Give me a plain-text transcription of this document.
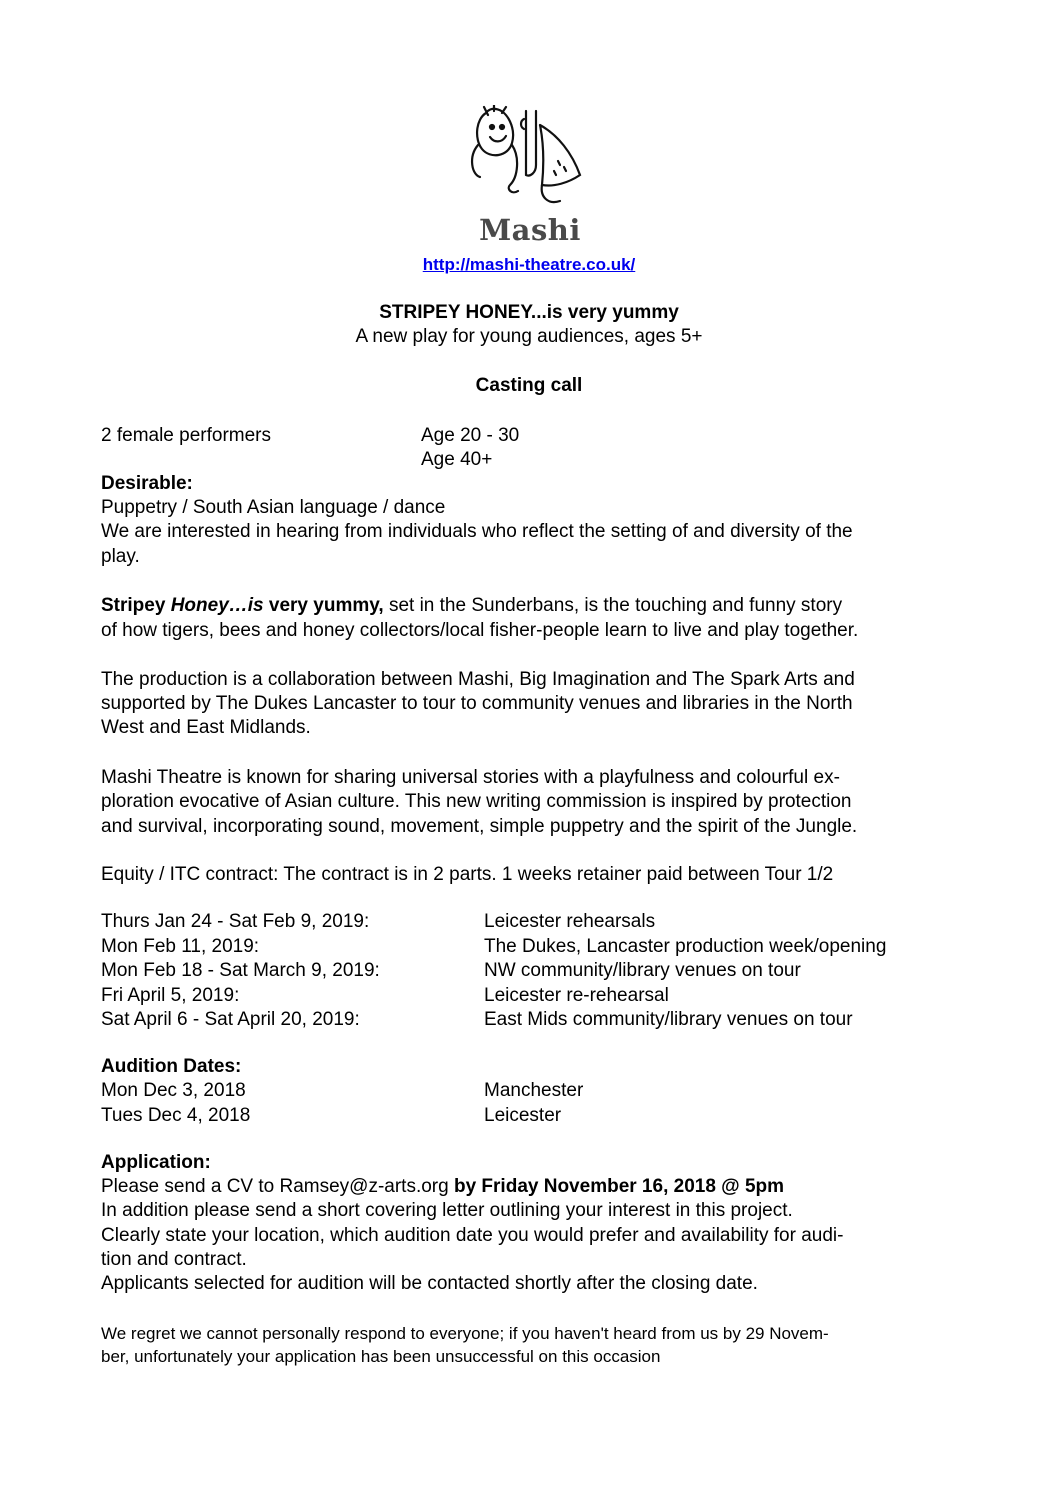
Mashi
http://mashi-theatre.co.uk/
STRIPEY HONEY...is very yummy
A new play for young audiences, ages 5+
Casting call
2 female performers	Age 20 - 30
Age 40+
Desirable:
Puppetry / South Asian language / dance
We are interested in hearing from individuals who reflect the setting of and diversity of the
play.
Stripey Honey…is very yummy, set in the Sunderbans, is the touching and funny story
of how tigers, bees and honey collectors/local fisher-people learn to live and play together.
The production is a collaboration between Mashi, Big Imagination and The Spark Arts and
supported by The Dukes Lancaster to tour to community venues and libraries in the North
West and East Midlands.
Mashi Theatre is known for sharing universal stories with a playfulness and colourful ex-
ploration evocative of Asian culture. This new writing commission is inspired by protection
and survival, incorporating sound, movement, simple puppetry and the spirit of the Jungle.
Equity / ITC contract: The contract is in 2 parts. 1 weeks retainer paid between Tour 1/2
Thurs Jan 24 - Sat Feb 9, 2019:	Leicester rehearsals
Mon Feb 11, 2019:	The Dukes, Lancaster production week/opening
Mon Feb 18 - Sat March 9, 2019:	NW community/library venues on tour
Fri April 5, 2019:	Leicester re-rehearsal
Sat April 6 - Sat April 20, 2019:	East Mids community/library venues on tour
Audition Dates:
Mon Dec 3, 2018	Manchester
Tues Dec 4, 2018	Leicester
Application:
Please send a CV to Ramsey@z-arts.org by Friday November 16, 2018 @ 5pm
In addition please send a short covering letter outlining your interest in this project.
Clearly state your location, which audition date you would prefer and availability for audi-
tion and contract.
Applicants selected for audition will be contacted shortly after the closing date.
We regret we cannot personally respond to everyone; if you haven't heard from us by 29 Novem-
ber, unfortunately your application has been unsuccessful on this occasion
